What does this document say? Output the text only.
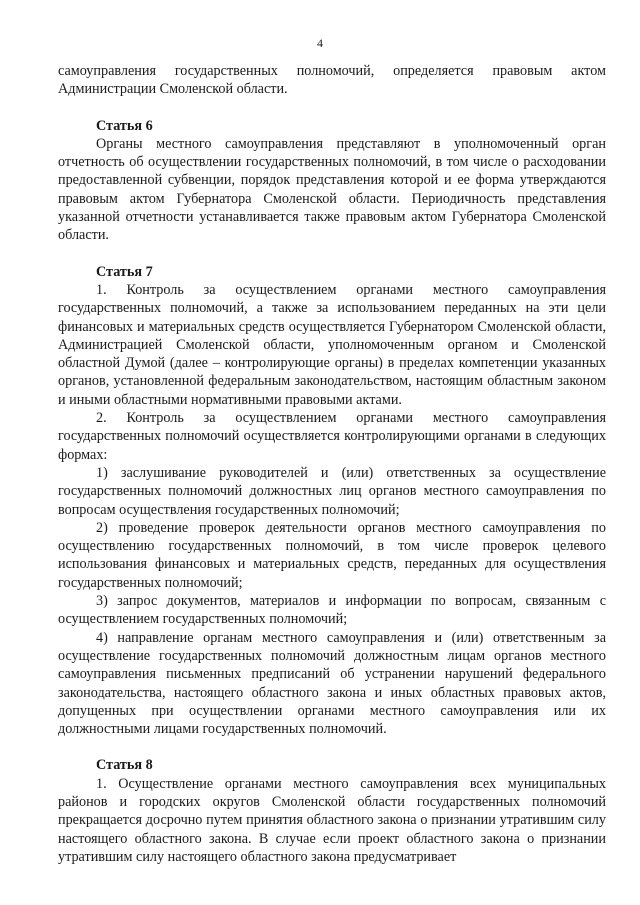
4

самоуправления государственных полномочий, определяется правовым актом Администрации Смоленской области.

Статья 6

Органы местного самоуправления представляют в уполномоченный орган отчетность об осуществлении государственных полномочий, в том числе о расходовании предоставленной субвенции, порядок представления которой и ее форма утверждаются правовым актом Губернатора Смоленской области. Периодичность представления указанной отчетности устанавливается также правовым актом Губернатора Смоленской области.

Статья 7

1. Контроль за осуществлением органами местного самоуправления государственных полномочий, а также за использованием переданных на эти цели финансовых и материальных средств осуществляется Губернатором Смоленской области, Администрацией Смоленской области, уполномоченным органом и Смоленской областной Думой (далее – контролирующие органы) в пределах компетенции указанных органов, установленной федеральным законодательством, настоящим областным законом и иными областными нормативными правовыми актами.

2. Контроль за осуществлением органами местного самоуправления государственных полномочий осуществляется контролирующими органами в следующих формах:

1) заслушивание руководителей и (или) ответственных за осуществление государственных полномочий должностных лиц органов местного самоуправления по вопросам осуществления государственных полномочий;

2) проведение проверок деятельности органов местного самоуправления по осуществлению государственных полномочий, в том числе проверок целевого использования финансовых и материальных средств, переданных для осуществления государственных полномочий;

3) запрос документов, материалов и информации по вопросам, связанным с осуществлением государственных полномочий;

4) направление органам местного самоуправления и (или) ответственным за осуществление государственных полномочий должностным лицам органов местного самоуправления письменных предписаний об устранении нарушений федерального законодательства, настоящего областного закона и иных областных правовых актов, допущенных при осуществлении органами местного самоуправления или их должностными лицами государственных полномочий.

Статья 8

1. Осуществление органами местного самоуправления всех муниципальных районов и городских округов Смоленской области государственных полномочий прекращается досрочно путем принятия областного закона о признании утратившим силу настоящего областного закона. В случае если проект областного закона о признании утратившим силу настоящего областного закона предусматривает
